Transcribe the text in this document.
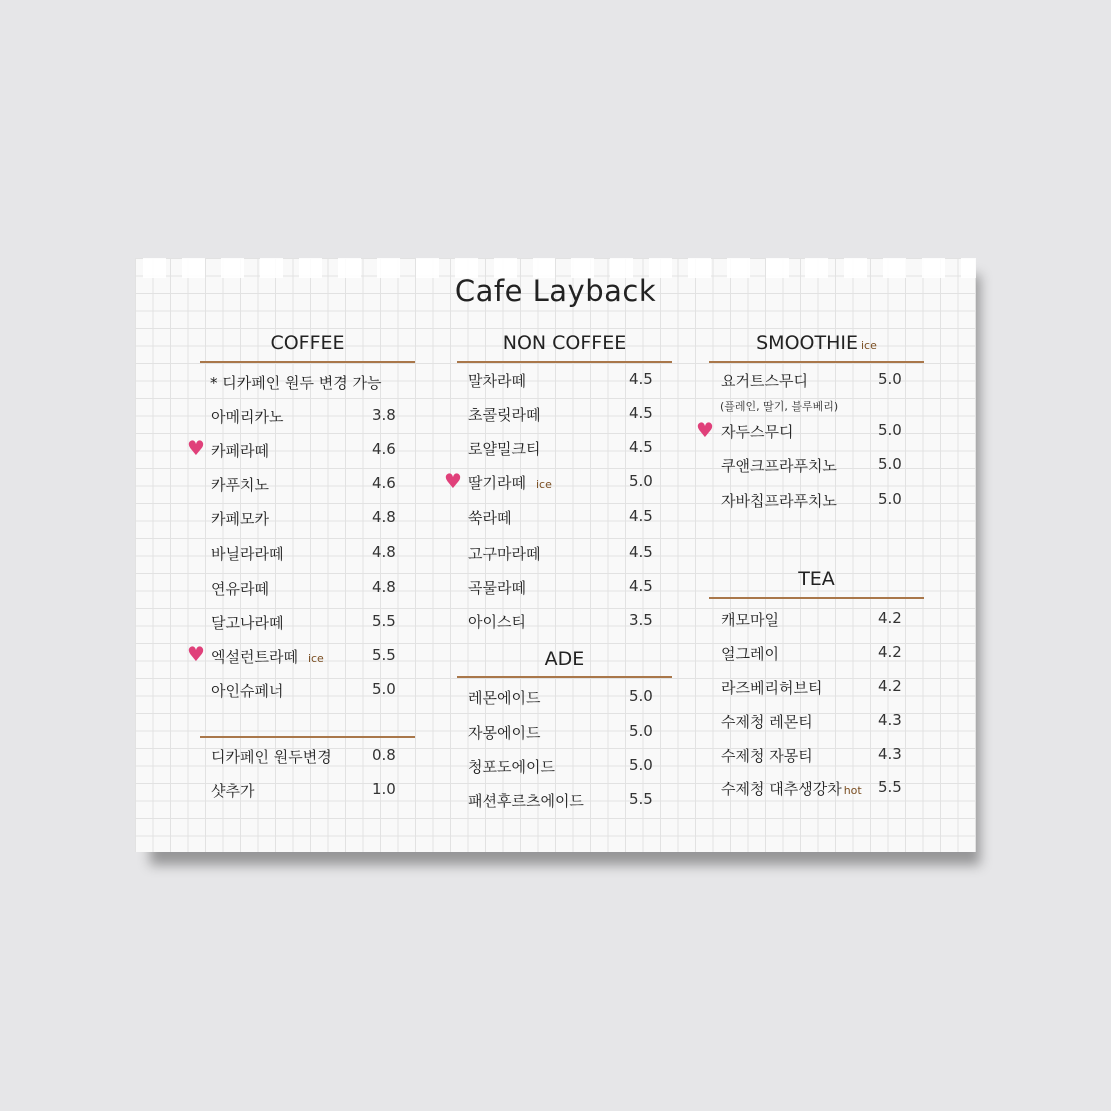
Cafe Layback
COFFEE
* 디카페인 원두 변경 가능
아메리카노	3.8
♥ 카페라떼	4.6
카푸치노	4.6
카페모카	4.8
바닐라라떼	4.8
연유라떼	4.8
달고나라떼	5.5
♥ 엑설런트라떼 ice	5.5
아인슈페너	5.0
디카페인 원두변경	0.8
샷추가	1.0
NON COFFEE
말차라떼	4.5
초콜릿라떼	4.5
로얄밀크티	4.5
♥ 딸기라떼 ice	5.0
쑥라떼	4.5
고구마라떼	4.5
곡물라떼	4.5
아이스티	3.5
ADE
레몬에이드	5.0
자몽에이드	5.0
청포도에이드	5.0
패션후르츠에이드	5.5
SMOOTHIE ice
요거트스무디	5.0
(플레인, 딸기, 블루베리)
♥ 자두스무디	5.0
쿠앤크프라푸치노	5.0
자바칩프라푸치노	5.0
TEA
캐모마일	4.2
얼그레이	4.2
라즈베리허브티	4.2
수제청 레몬티	4.3
수제청 자몽티	4.3
수제청 대추생강차 hot 5.5
